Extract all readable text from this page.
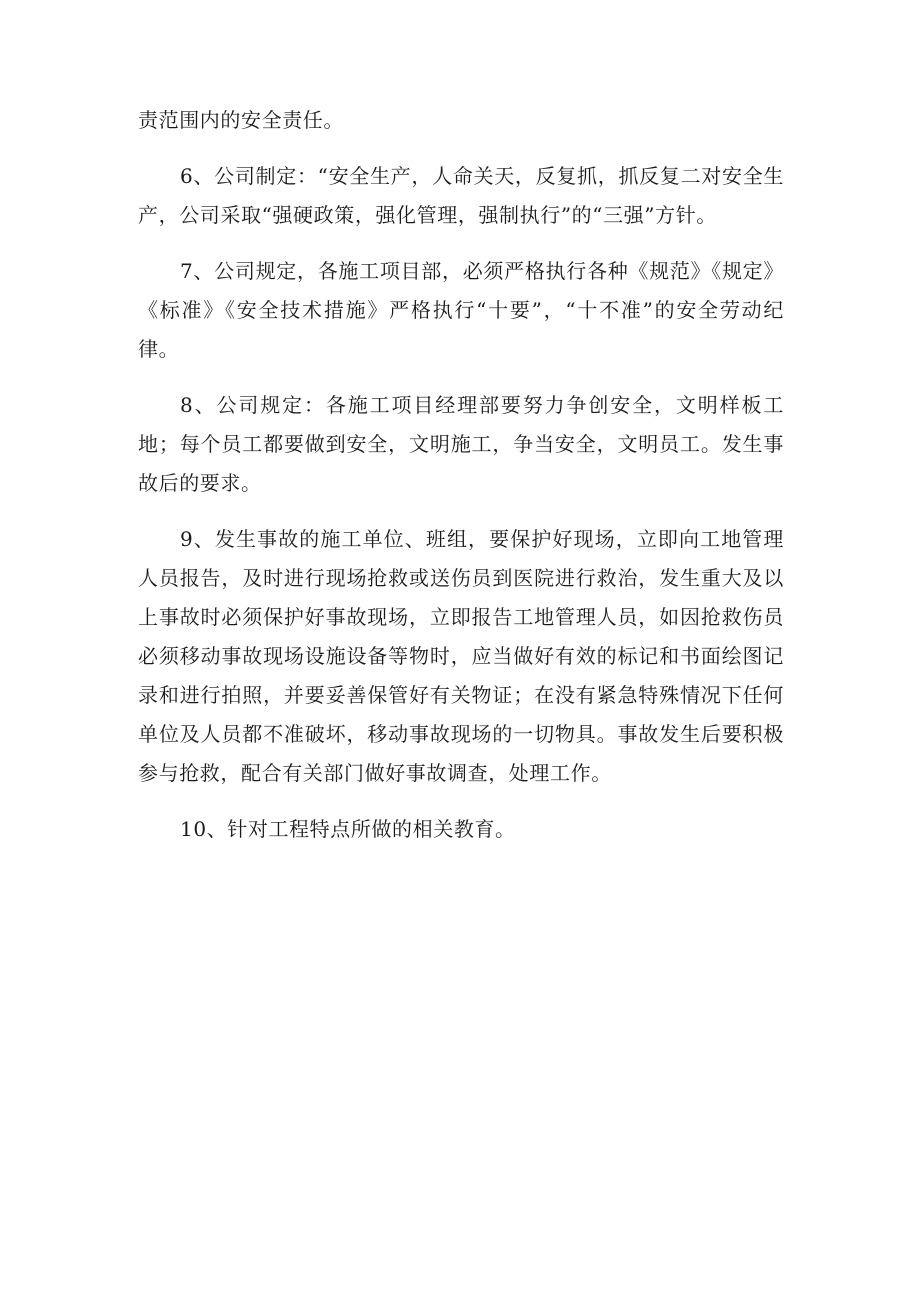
责范围内的安全责任。

6、公司制定：“安全生产，人命关天，反复抓，抓反复二对安全生产，公司采取“强硬政策，强化管理，强制执行”的“三强”方针。

7、公司规定，各施工项目部，必须严格执行各种《规范》《规定》《标准》《安全技术措施》严格执行“十要”，“十不准”的安全劳动纪律。

8、公司规定：各施工项目经理部要努力争创安全，文明样板工地；每个员工都要做到安全，文明施工，争当安全，文明员工。发生事故后的要求。

9、发生事故的施工单位、班组，要保护好现场，立即向工地管理人员报告，及时进行现场抢救或送伤员到医院进行救治，发生重大及以上事故时必须保护好事故现场，立即报告工地管理人员，如因抢救伤员必须移动事故现场设施设备等物时，应当做好有效的标记和书面绘图记录和进行拍照，并要妥善保管好有关物证；在没有紧急特殊情况下任何单位及人员都不准破坏，移动事故现场的一切物具。事故发生后要积极参与抢救，配合有关部门做好事故调查，处理工作。

10、针对工程特点所做的相关教育。
